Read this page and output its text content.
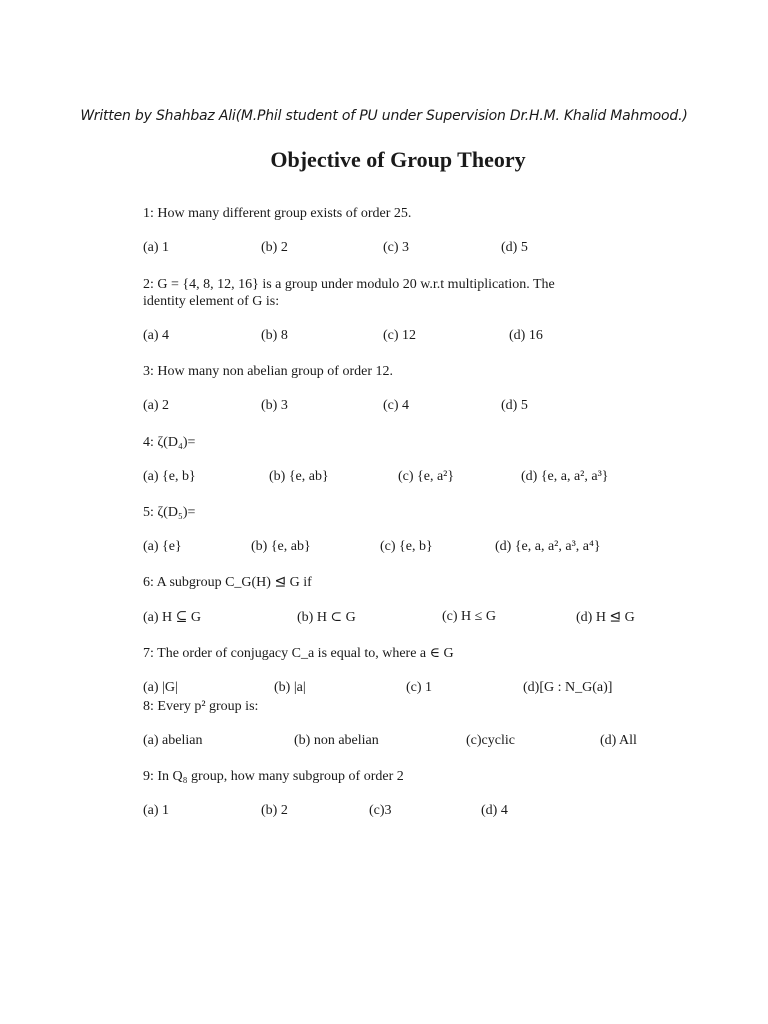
Written by Shahbaz Ali(M.Phil student of PU under Supervision Dr.H.M. Khalid Mahmood.)
Objective of Group Theory
1: How many different group exists of order 25.
(a) 1	(b) 2	(c) 3	(d) 5
2: G = {4, 8, 12, 16} is a group under modulo 20 w.r.t multiplication. The
identity element of G is:
(a) 4	(b) 8	(c) 12	(d) 16
3: How many non abelian group of order 12.
(a) 2	(b) 3	(c) 4	(d) 5
4: ζ(D₄)=
(a) {e, b}	(b) {e, ab}	(c) {e, a²}	(d) {e, a, a², a³}
5: ζ(D₅)=
(a) {e}	(b) {e, ab}	(c) {e, b}	(d) {e, a, a², a³, a⁴}
6: A subgroup C_G(H) ⊴ G if
(a) H ⊆ G	(b) H ⊂ G	(c) H ≤ G	(d) H ⊴ G
7: The order of conjugacy C_a is equal to, where a ∈ G
(a) |G|	(b) |a|	(c) 1	(d)[G : N_G(a)]
8: Every p² group is:
(a) abelian	(b) non abelian	(c)cyclic	(d) All
9: In Q₈ group, how many subgroup of order 2
(a) 1	(b) 2	(c)3	(d) 4
